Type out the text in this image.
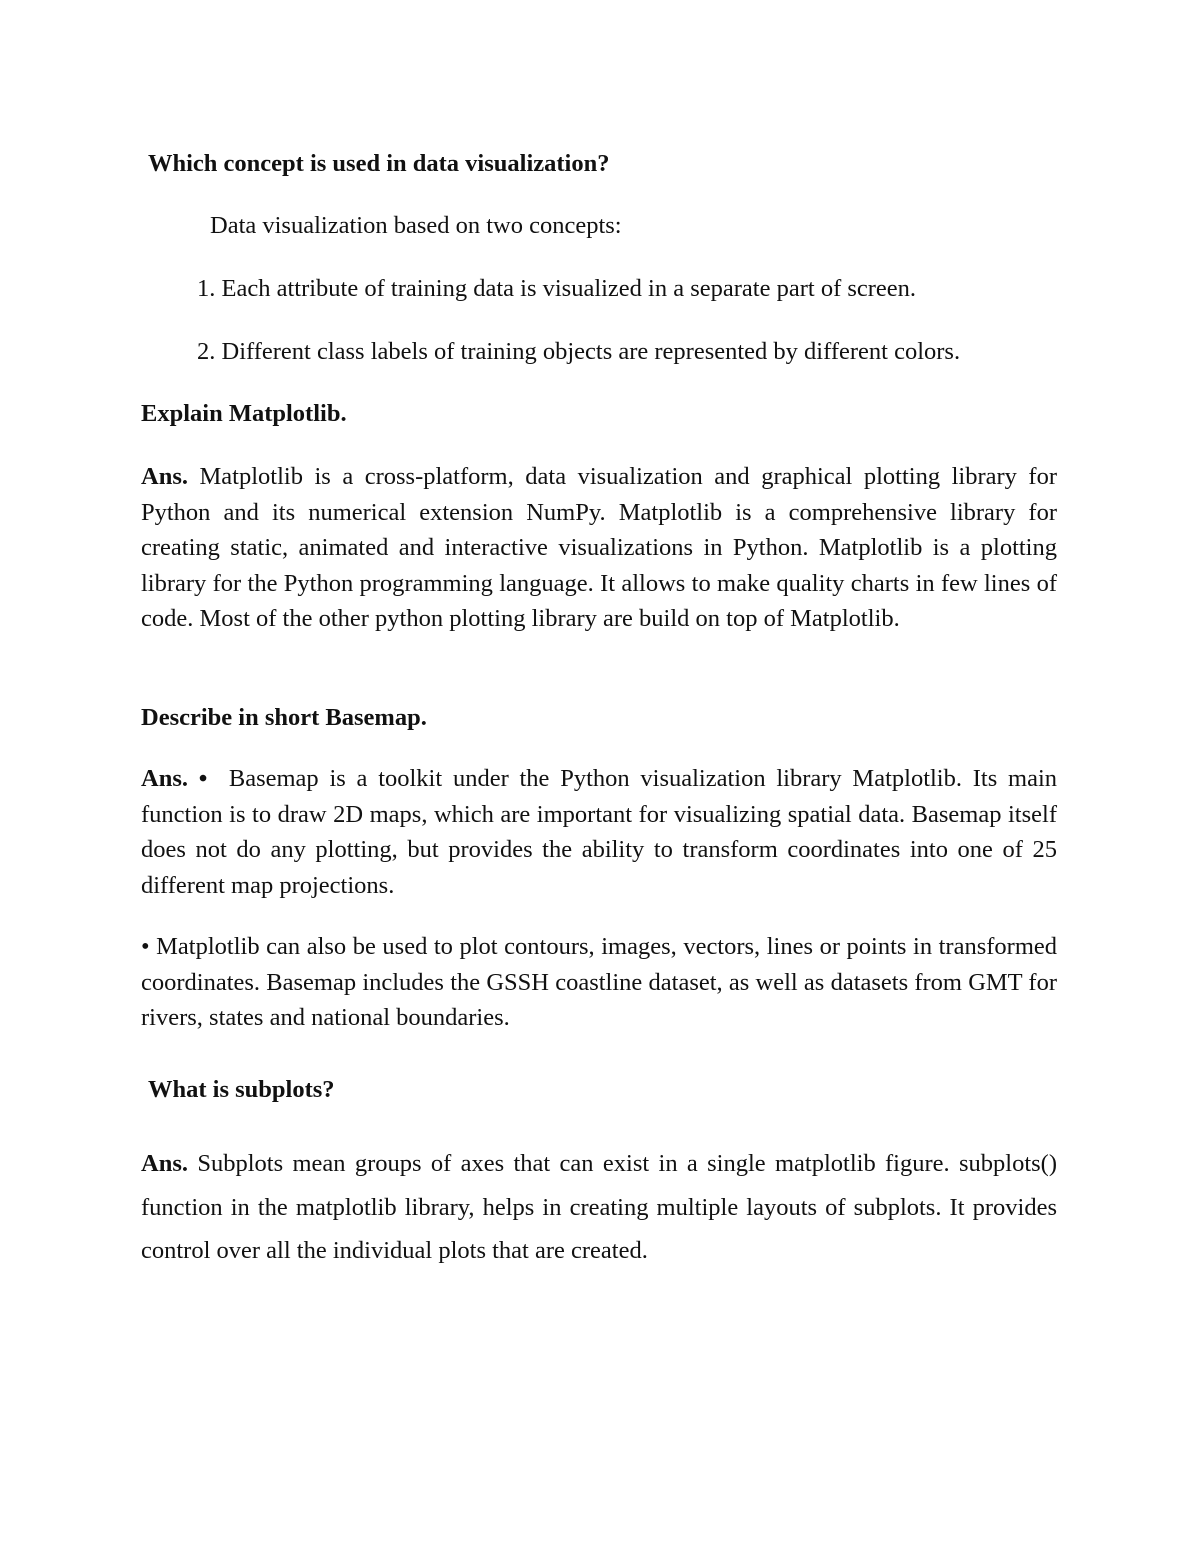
Which concept is used in data visualization?

Data visualization based on two concepts:

1. Each attribute of training data is visualized in a separate part of screen.

2. Different class labels of training objects are represented by different colors.

Explain Matplotlib.

Ans. Matplotlib is a cross-platform, data visualization and graphical plotting library for Python and its numerical extension NumPy. Matplotlib is a comprehensive library for creating static, animated and interactive visualizations in Python. Matplotlib is a plotting library for the Python programming language. It allows to make quality charts in few lines of code. Most of the other python plotting library are build on top of Matplotlib.

Describe in short Basemap.

Ans. • Basemap is a toolkit under the Python visualization library Matplotlib. Its main function is to draw 2D maps, which are important for visualizing spatial data. Basemap itself does not do any plotting, but provides the ability to transform coordinates into one of 25 different map projections.

• Matplotlib can also be used to plot contours, images, vectors, lines or points in transformed coordinates. Basemap includes the GSSH coastline dataset, as well as datasets from GMT for rivers, states and national boundaries.

What is subplots?

Ans. Subplots mean groups of axes that can exist in a single matplotlib figure. subplots() function in the matplotlib library, helps in creating multiple layouts of subplots. It provides control over all the individual plots that are created.
